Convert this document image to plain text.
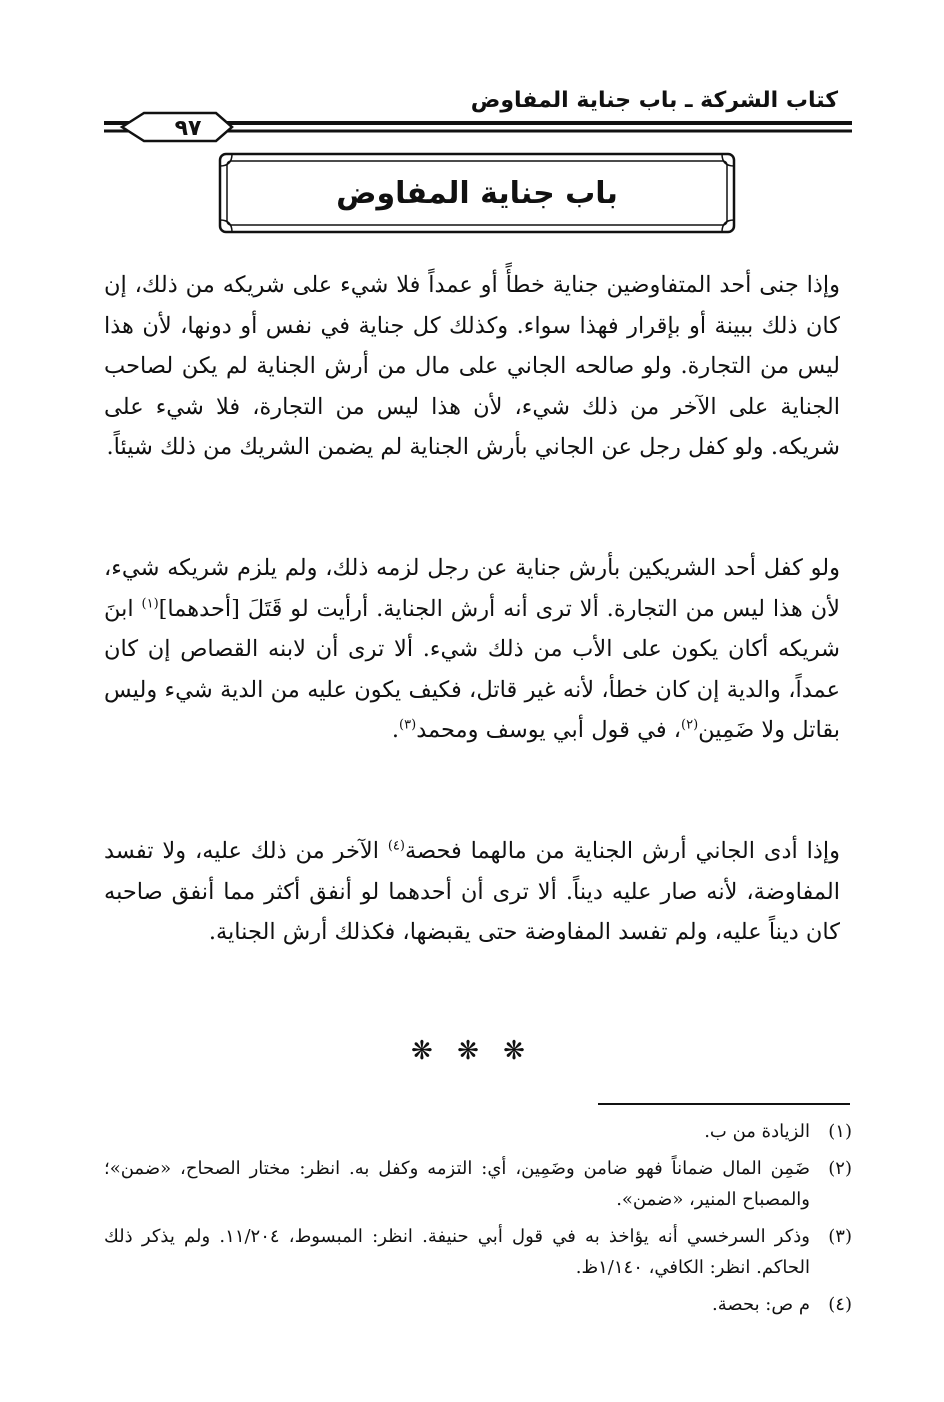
كتاب الشركة ـ باب جناية المفاوض
٩٧
باب جناية المفاوض

وإذا جنى أحد المتفاوضين جناية خطأً أو عمداً فلا شيء على شريكه من ذلك، إن كان ذلك ببينة أو بإقرار فهذا سواء. وكذلك كل جناية في نفس أو دونها، لأن هذا ليس من التجارة. ولو صالحه الجاني على مال من أرش الجناية لم يكن لصاحب الجناية على الآخر من ذلك شيء، لأن هذا ليس من التجارة، فلا شيء على شريكه. ولو كفل رجل عن الجاني بأرش الجناية لم يضمن الشريك من ذلك شيئاً.

ولو كفل أحد الشريكين بأرش جناية عن رجل لزمه ذلك، ولم يلزم شريكه شيء، لأن هذا ليس من التجارة. ألا ترى أنه أرش الجناية. أرأيت لو قَتَلَ [أحدهما]$^{(١)}$ ابنَ شريكه أكان يكون على الأب من ذلك شيء. ألا ترى أن لابنه القصاص إن كان عمداً، والدية إن كان خطأ، لأنه غير قاتل، فكيف يكون عليه من الدية شيء وليس بقاتل ولا ضَمِين$^{(٢)}$، في قول أبي يوسف ومحمد$^{(٣)}$.

وإذا أدى الجاني أرش الجناية من مالهما فحصة$^{(٤)}$ الآخر من ذلك عليه، ولا تفسد المفاوضة، لأنه صار عليه ديناً. ألا ترى أن أحدهما لو أنفق أكثر مما أنفق صاحبه كان ديناً عليه، ولم تفسد المفاوضة حتى يقبضها، فكذلك أرش الجناية.

❋ ❋ ❋
(١)
الزيادة من ب.
(٢)
ضَمِن المال ضماناً فهو ضامن وضَمِين، أي: التزمه وكفل به. انظر: مختار الصحاح، «ضمن»؛ والمصباح المنير، «ضمن».
(٣)
وذكر السرخسي أنه يؤاخذ به في قول أبي حنيفة. انظر: المبسوط، ١١/٢٠٤. ولم يذكر ذلك الحاكم. انظر: الكافي، ١/١٤٠ظ.
(٤)
م ص: بحصة.
